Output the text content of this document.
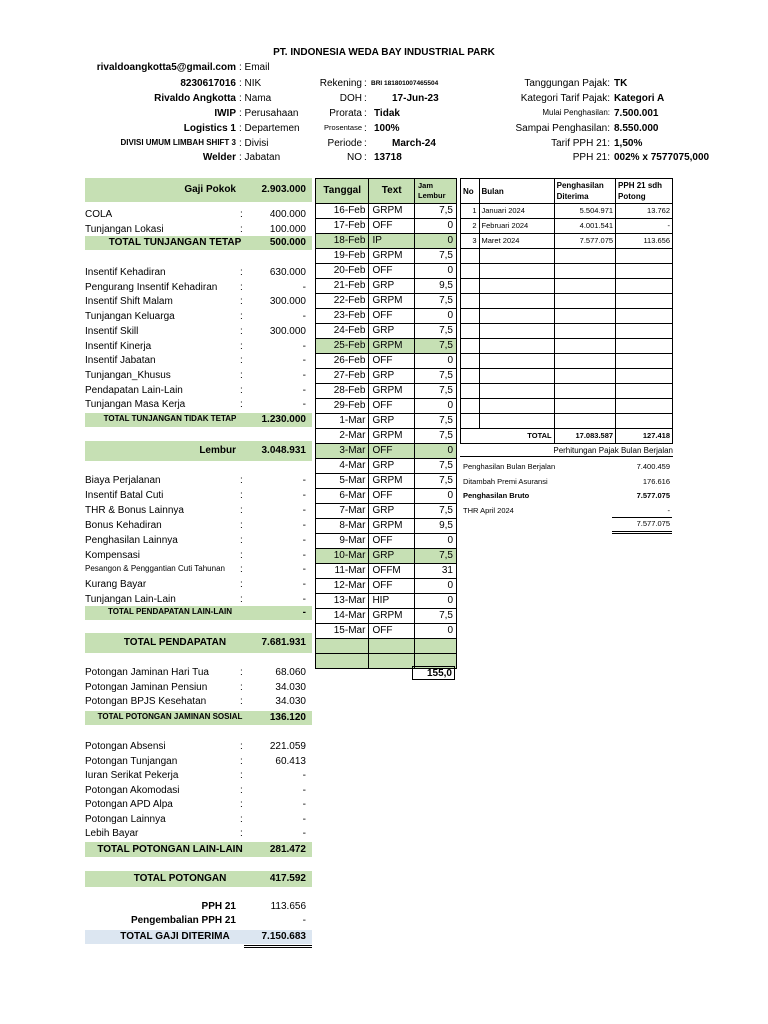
PT. INDONESIA WEDA BAY INDUSTRIAL PARK
rivaldoangkotta5@gmail.com : Email
8230617016 : NIK
Rivaldo Angkotta : Nama
IWIP : Perusahaan
Logistics 1 : Departemen
DIVISI UMUM LIMBAH SHIFT 3 : Divisi
Welder : Jabatan
Rekening : BRI 181801007465504
DOH :	17-Jun-23
Prorata : Tidak
Prosentase : 100%
Periode :	March-24
NO : 13718
Tanggungan Pajak: TK
Kategori Tarif Pajak: Kategori A
Mulai Penghasilan: 7.500.001
Sampai Penghasilan: 8.550.000
Tarif PPH 21: 1,50%
PPH 21: 002% x 7577075,000
Gaji Pokok	2.903.000
COLA	:	400.000
Tunjangan Lokasi	:	100.000
TOTAL TUNJANGAN TETAP	500.000
Insentif Kehadiran	:	630.000
Pengurang Insentif Kehadiran :	-
Insentif Shift Malam	:	300.000
Tunjangan Keluarga	:	-
Insentif Skill	:	300.000
Insentif Kinerja	:	-
Insentif Jabatan	:	-
Tunjangan_Khusus	:	-
Pendapatan Lain-Lain	:	-
Tunjangan Masa Kerja	:	-
TOTAL TUNJANGAN TIDAK TETAP	1.230.000
Lembur	3.048.931
Biaya Perjalanan	:	-
Insentif Batal Cuti	:	-
THR & Bonus Lainnya	:	-
Bonus Kehadiran	:	-
Penghasilan Lainnya	:	-
Kompensasi	:	-
Pesangon & Penggantian Cuti Tahunan :	-
Kurang Bayar	:	-
Tunjangan Lain-Lain	:	-
TOTAL PENDAPATAN LAIN-LAIN	-
TOTAL PENDAPATAN	7.681.931
Potongan Jaminan Hari Tua	:	68.060
Potongan Jaminan Pensiun	:	34.030
Potongan BPJS Kesehatan	:	34.030
TOTAL POTONGAN JAMINAN SOSIAL	136.120
Potongan Absensi	:	221.059
Potongan Tunjangan	:	60.413
Iuran Serikat Pekerja	:	-
Potongan Akomodasi	:	-
Potongan APD Alpa	:	-
Potongan Lainnya	:	-
Lebih Bayar	:	-
TOTAL POTONGAN LAIN-LAIN	281.472
TOTAL POTONGAN	417.592
PPH 21	113.656
Pengembalian PPH 21	-
TOTAL GAJI DITERIMA	7.150.683
Tanggal	Text	Jam Lembur
16-Feb	GRPM	7,5
17-Feb	OFF	0
18-Feb	IP	0
19-Feb	GRPM	7,5
20-Feb	OFF	0
21-Feb	GRP	9,5
22-Feb	GRPM	7,5
23-Feb	OFF	0
24-Feb	GRP	7,5
25-Feb	GRPM	7,5
26-Feb	OFF	0
27-Feb	GRP	7,5
28-Feb	GRPM	7,5
29-Feb	OFF	0
1-Mar	GRP	7,5
2-Mar	GRPM	7,5
3-Mar	OFF	0
4-Mar	GRP	7,5
5-Mar	GRPM	7,5
6-Mar	OFF	0
7-Mar	GRP	7,5
8-Mar	GRPM	9,5
9-Mar	OFF	0
10-Mar	GRP	7,5
11-Mar	OFFM	31
12-Mar	OFF	0
13-Mar	HIP	0
14-Mar	GRPM	7,5
15-Mar	OFF	0

155,0
No	Bulan	Penghasilan Diterima	PPH 21 sdh Potong
1	Januari 2024	5.504.971	13.762
2	Februari 2024	4.001.541	-
3	Maret 2024	7.577.075	113.656

TOTAL		17.083.587	127.418
Perhitungan Pajak Bulan Berjalan
Penghasilan Bulan Berjalan	7.400.459
Ditambah Premi Asuransi	176.616
Penghasilan Bruto	7.577.075
THR April 2024	-
7.577.075
